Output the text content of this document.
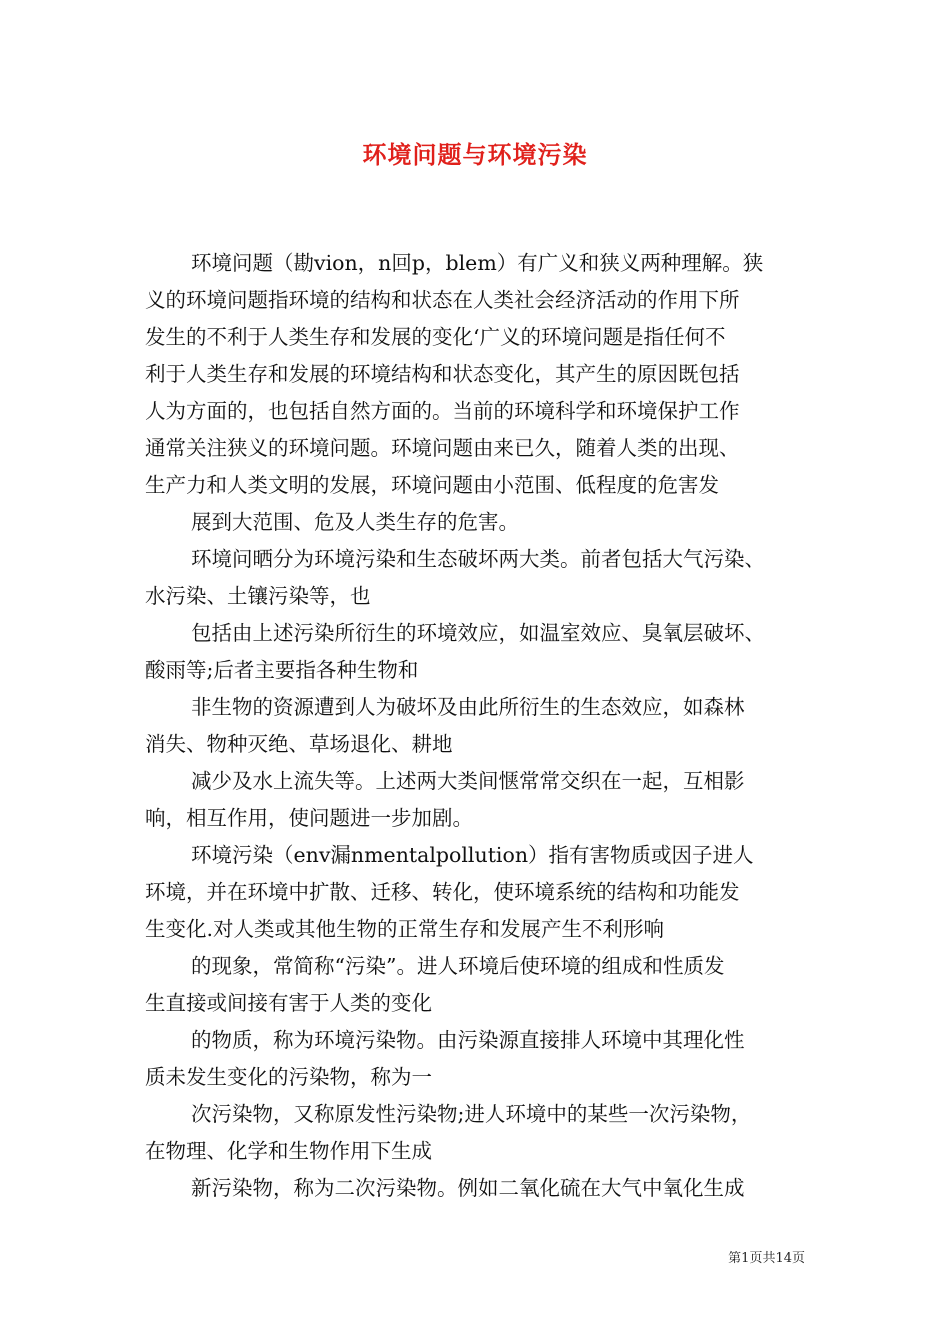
环境问题与环境污染
环境问题（勘vion，n回p，blem）有广义和狭义两种理解。狭
义的环境问题指环境的结构和状态在人类社会经济活动的作用下所
发生的不利于人类生存和发展的变化‘广义的环境问题是指任何不
利于人类生存和发展的环境结构和状态变化，其产生的原因既包括
人为方面的，也包括自然方面的。当前的环境科学和环境保护工作
通常关注狭义的环境问题。环境问题由来已久，随着人类的出现、
生产力和人类文明的发展，环境问题由小范围、低程度的危害发
展到大范围、危及人类生存的危害。
环境问晒分为环境污染和生态破坏两大类。前者包括大气污染、
水污染、土镶污染等，也
包括由上述污染所衍生的环境效应，如温室效应、臭氧层破坏、
酸雨等;后者主要指各种生物和
非生物的资源遭到人为破坏及由此所衍生的生态效应，如森林
消失、物种灭绝、草场退化、耕地
减少及水上流失等。上述两大类间惬常常交织在一起，互相影
响，相互作用，使问题进一步加剧。
环境污染（env漏nmentalpollution）指有害物质或因子进人
环境，并在环境中扩散、迁移、转化，使环境系统的结构和功能发
生变化.对人类或其他生物的正常生存和发展产生不利形响
的现象，常简称“污染”。进人环境后使环境的组成和性质发
生直接或间接有害于人类的变化
的物质，称为环境污染物。由污染源直接排人环境中其理化性
质未发生变化的污染物，称为一
次污染物，又称原发性污染物;进人环境中的某些一次污染物，
在物理、化学和生物作用下生成
新污染物，称为二次污染物。例如二氧化硫在大气中氧化生成
第1页共14页
